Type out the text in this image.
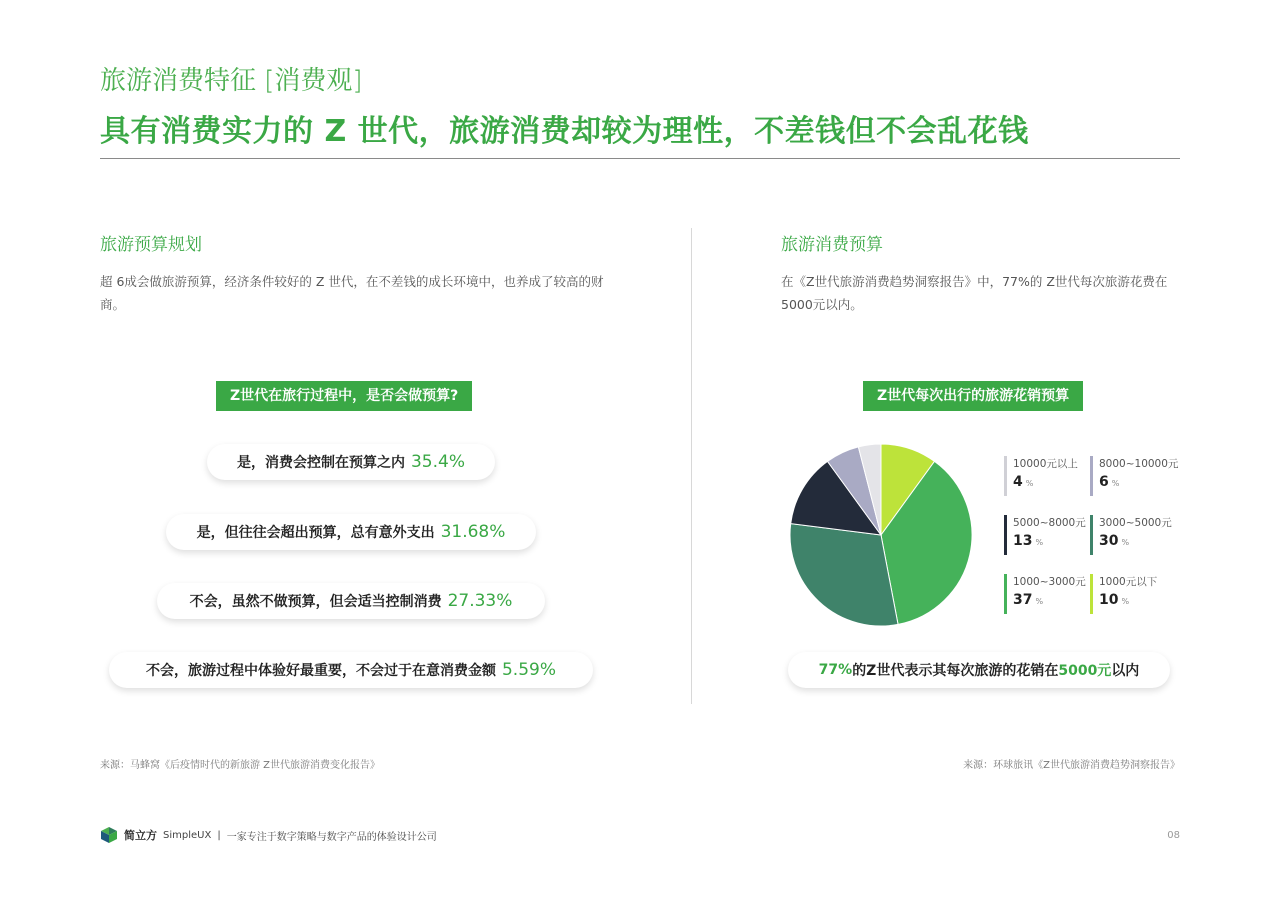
旅游消费特征 [消费观]
具有消费实力的 Z 世代，旅游消费却较为理性，不差钱但不会乱花钱
旅游预算规划
超 6成会做旅游预算，经济条件较好的 Z 世代，在不差钱的成长环境中，也养成了较高的财商。
Z世代在旅行过程中，是否会做预算?
是，消费会控制在预算之内 35.4%
是，但往往会超出预算，总有意外支出 31.68%
不会，虽然不做预算，但会适当控制消费 27.33%
不会，旅游过程中体验好最重要，不会过于在意消费金额 5.59%
来源：马蜂窝《后疫情时代的新旅游 Z世代旅游消费变化报告》
旅游消费预算
在《Z世代旅游消费趋势洞察报告》中，77%的 Z世代每次旅游花费在 5000元以内。
Z世代每次出行的旅游花销预算
10000元以上
4 %
8000~10000元
6 %
5000~8000元
13 %
3000~5000元
30 %
1000~3000元
37 %
1000元以下
10 %
77% 的Z世代表示其每次旅游的花销在 5000元 以内
来源：环球旅讯《Z世代旅游消费趋势洞察报告》
简立方 SimpleUX | 一家专注于数字策略与数字产品的体验设计公司	08
